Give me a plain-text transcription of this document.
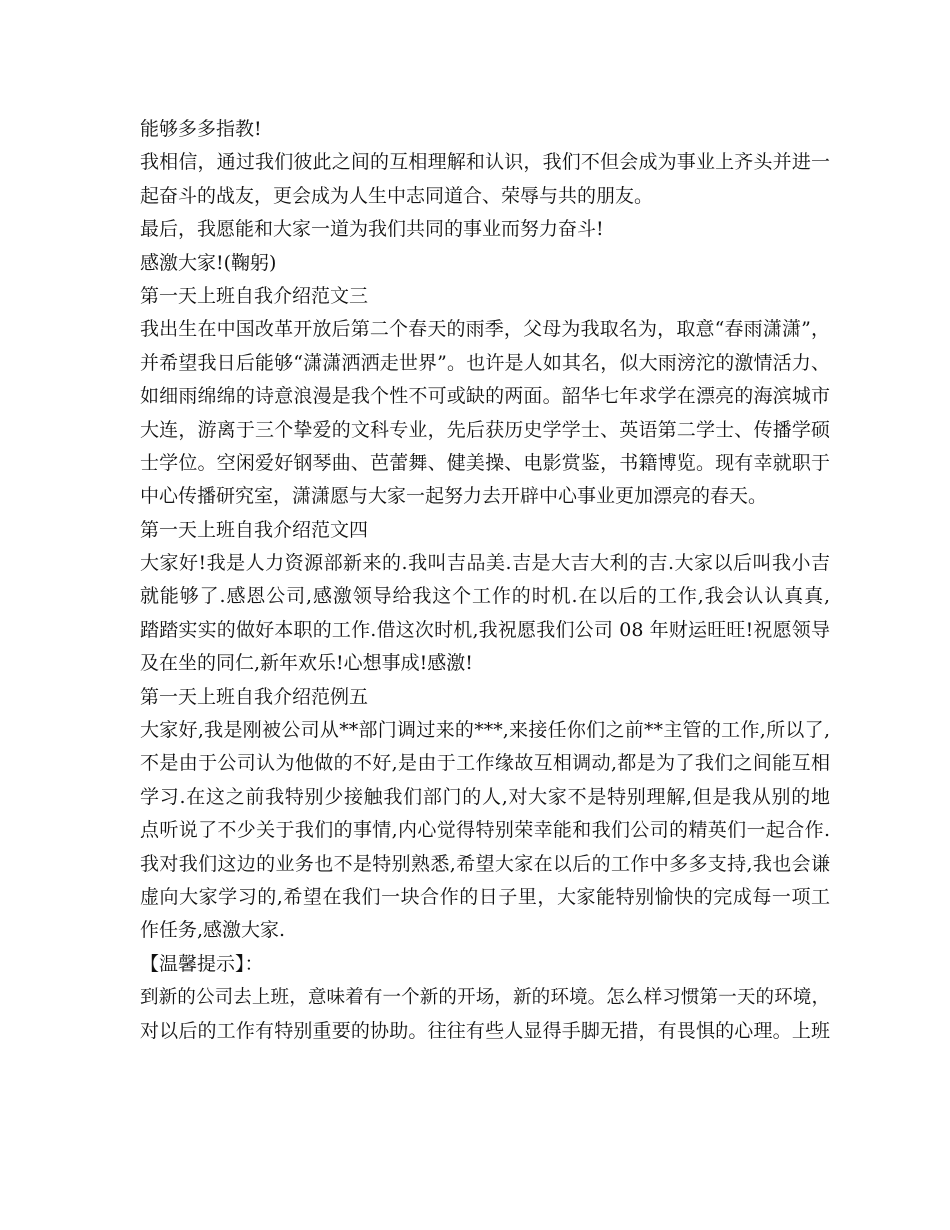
能够多多指教!
我相信，通过我们彼此之间的互相理解和认识，我们不但会成为事业上齐头并进一
起奋斗的战友，更会成为人生中志同道合、荣辱与共的朋友。
最后，我愿能和大家一道为我们共同的事业而努力奋斗!
感激大家!(鞠躬)
第一天上班自我介绍范文三
我出生在中国改革开放后第二个春天的雨季，父母为我取名为，取意“春雨潇潇”，
并希望我日后能够“潇潇洒洒走世界”。也许是人如其名，似大雨滂沱的激情活力、
如细雨绵绵的诗意浪漫是我个性不可或缺的两面。韶华七年求学在漂亮的海滨城市
大连，游离于三个挚爱的文科专业，先后获历史学学士、英语第二学士、传播学硕
士学位。空闲爱好钢琴曲、芭蕾舞、健美操、电影赏鉴，书籍博览。现有幸就职于
中心传播研究室，潇潇愿与大家一起努力去开辟中心事业更加漂亮的春天。
第一天上班自我介绍范文四
大家好!我是人力资源部新来的.我叫吉品美.吉是大吉大利的吉.大家以后叫我小吉
就能够了.感恩公司,感激领导给我这个工作的时机.在以后的工作,我会认认真真,
踏踏实实的做好本职的工作.借这次时机,我祝愿我们公司 08 年财运旺旺!祝愿领导
及在坐的同仁,新年欢乐!心想事成!感激!
第一天上班自我介绍范例五
大家好,我是刚被公司从**部门调过来的***,来接任你们之前**主管的工作,所以了,
不是由于公司认为他做的不好,是由于工作缘故互相调动,都是为了我们之间能互相
学习.在这之前我特别少接触我们部门的人,对大家不是特别理解,但是我从别的地
点听说了不少关于我们的事情,内心觉得特别荣幸能和我们公司的精英们一起合作.
我对我们这边的业务也不是特别熟悉,希望大家在以后的工作中多多支持,我也会谦
虚向大家学习的,希望在我们一块合作的日子里，大家能特别愉快的完成每一项工
作任务,感激大家.
【温馨提示】：
到新的公司去上班，意味着有一个新的开场，新的环境。怎么样习惯第一天的环境，
对以后的工作有特别重要的协助。往往有些人显得手脚无措，有畏惧的心理。上班
